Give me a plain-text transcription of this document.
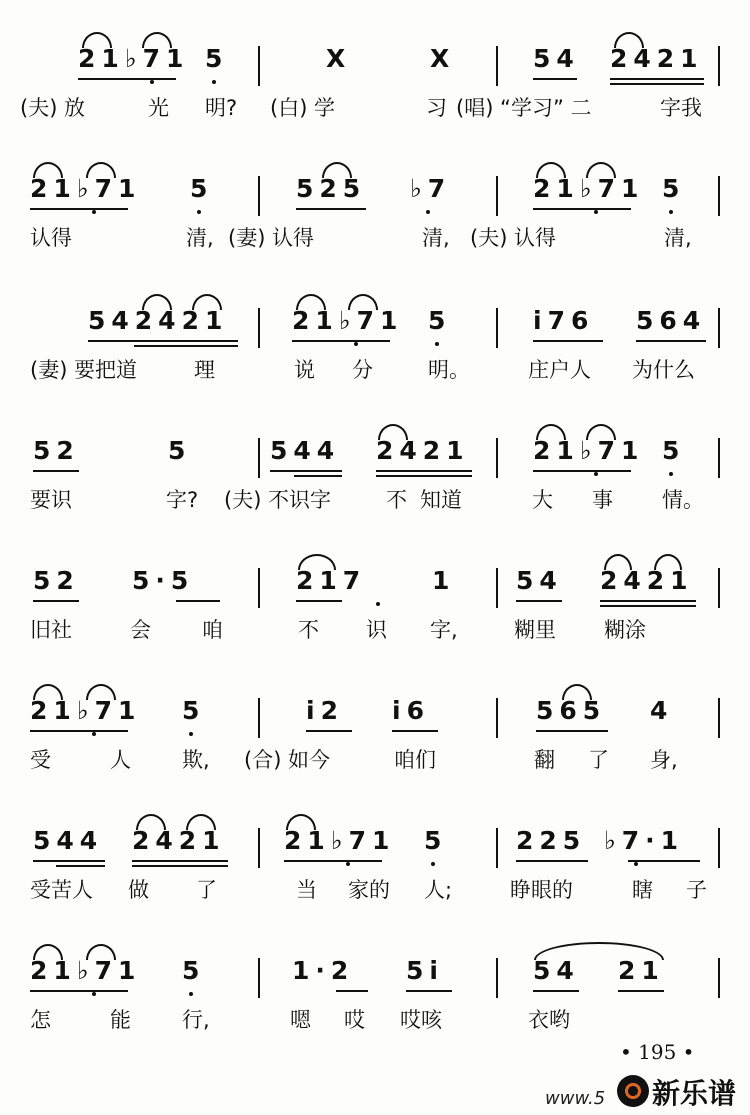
21♭71 5	X	X	54 2421
(夫) 放	光 明? (白) 学	习 (唱) “学习” 二	字我
21♭71 5	525 ♭7	21♭71 5
认得	清, (妻) 认得	清, (夫) 认得	清,
542421	21♭71 5	i76 564
(妻) 要把道	理	说 分	明。	庄户人 为什么
52	5	544 2421	21♭71 5
要识	字? (夫) 不识字	不 知道	大 事 情。
52 5·5	217	1 54 2421
旧社	会 咱	不 识 字,	糊里 糊涂
21♭71 5	i2 i6	565 4
受	人 欺, (合) 如今	咱们	翻 了 身,
544 2421 21♭71 5	225 ♭7·1
受苦人 做 了	当 家的 人;	睁眼的	瞎 子
21♭71 5	1·2 5i	54 21
怎	能 行,	嗯 哎 哎咳	衣哟
• 195 •
www.5 新乐谱
